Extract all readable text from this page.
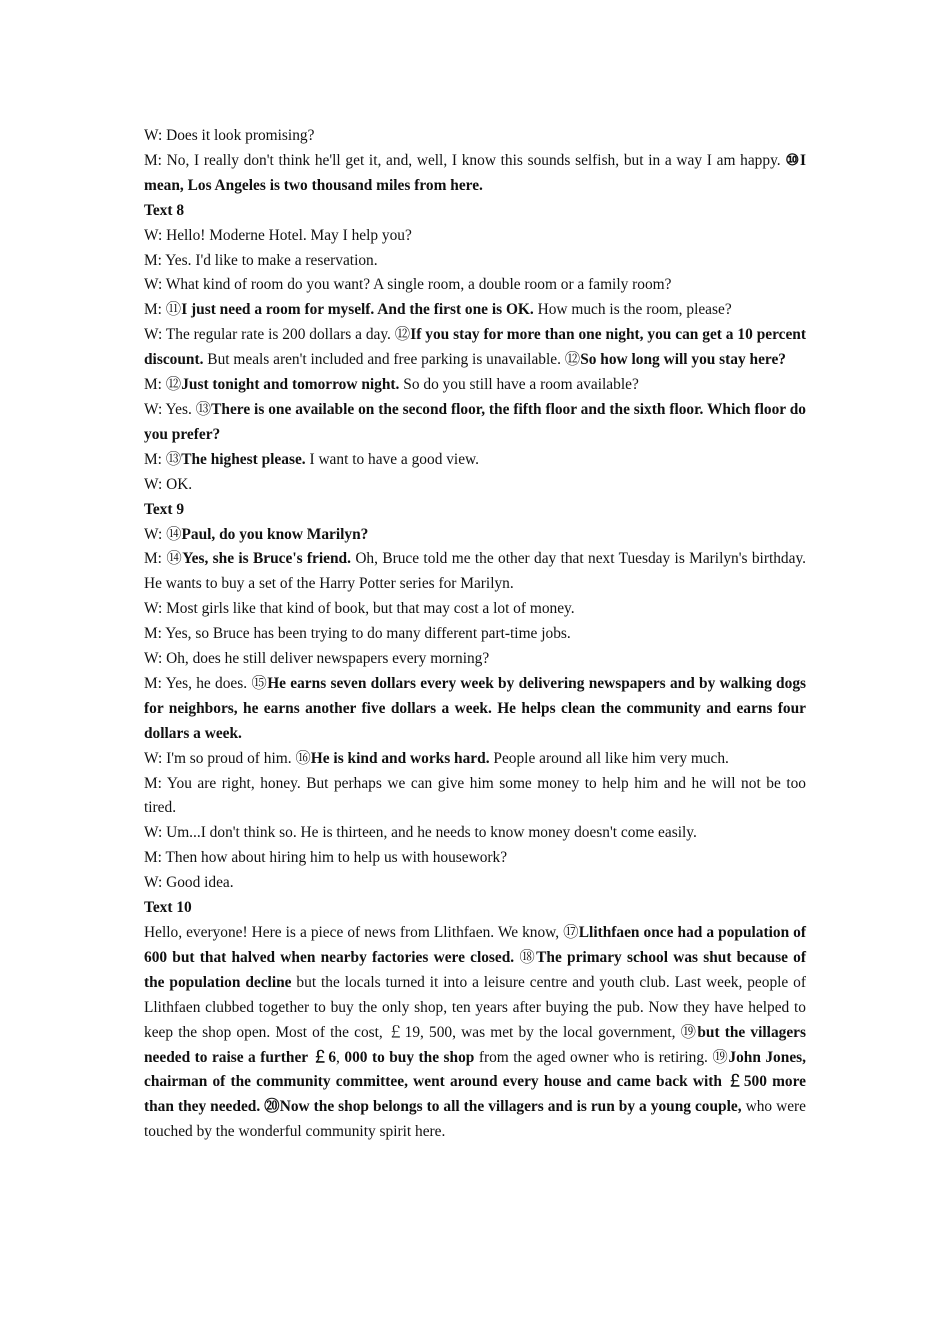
W: Does it look promising?

M: No, I really don't think he'll get it, and, well, I know this sounds selfish, but in a way I am happy. ⑩I mean, Los Angeles is two thousand miles from here.

Text 8

W: Hello! Moderne Hotel. May I help you?

M: Yes. I'd like to make a reservation.

W: What kind of room do you want? A single room, a double room or a family room?

M: ⑪I just need a room for myself. And the first one is OK. How much is the room, please?

W: The regular rate is 200 dollars a day. ⑫If you stay for more than one night, you can get a 10 percent discount. But meals aren't included and free parking is unavailable. ⑫So how long will you stay here?

M: ⑫Just tonight and tomorrow night. So do you still have a room available?

W: Yes. ⑬There is one available on the second floor, the fifth floor and the sixth floor. Which floor do you prefer?

M: ⑬The highest please. I want to have a good view.

W: OK.

Text 9

W: ⑭Paul, do you know Marilyn?

M: ⑭Yes, she is Bruce's friend. Oh, Bruce told me the other day that next Tuesday is Marilyn's birthday. He wants to buy a set of the Harry Potter series for Marilyn.

W: Most girls like that kind of book, but that may cost a lot of money.

M: Yes, so Bruce has been trying to do many different part-time jobs.

W: Oh, does he still deliver newspapers every morning?

M: Yes, he does. ⑮He earns seven dollars every week by delivering newspapers and by walking dogs for neighbors, he earns another five dollars a week. He helps clean the community and earns four dollars a week.

W: I'm so proud of him. ⑯He is kind and works hard. People around all like him very much.

M: You are right, honey. But perhaps we can give him some money to help him and he will not be too tired.

W: Um...I don't think so. He is thirteen, and he needs to know money doesn't come easily.

M: Then how about hiring him to help us with housework?

W: Good idea.

Text 10

Hello, everyone! Here is a piece of news from Llithfaen. We know, ⑰Llithfaen once had a population of 600 but that halved when nearby factories were closed. ⑱The primary school was shut because of the population decline but the locals turned it into a leisure centre and youth club. Last week, people of Llithfaen clubbed together to buy the only shop, ten years after buying the pub. Now they have helped to keep the shop open. Most of the cost, ￡19, 500, was met by the local government, ⑲but the villagers needed to raise a further ￡6, 000 to buy the shop from the aged owner who is retiring. ⑲John Jones, chairman of the community committee, went around every house and came back with ￡500 more than they needed. ⑳Now the shop belongs to all the villagers and is run by a young couple, who were touched by the wonderful community spirit here.
